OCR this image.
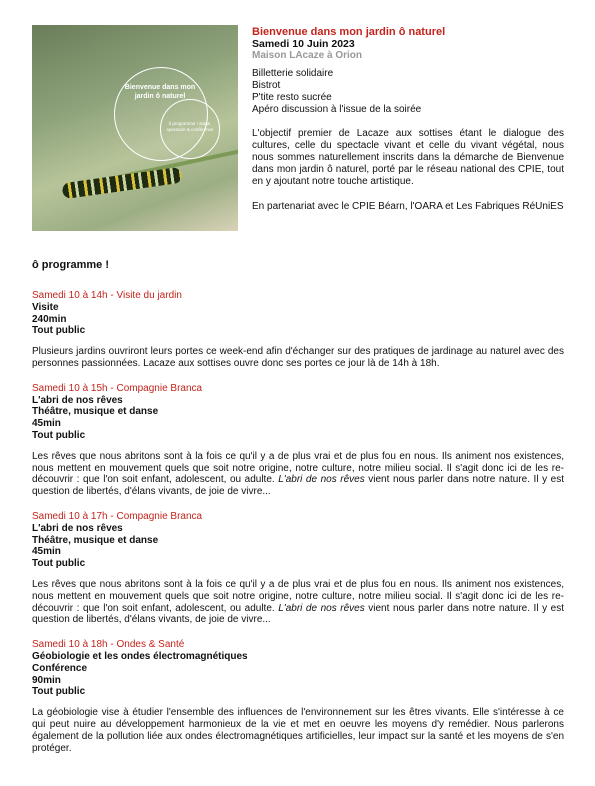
Bienvenue dans mon jardin ô naturel
ô programme ! stage, spectacle & conférence
Bienvenue dans mon jardin ô naturel
Samedi 10 Juin 2023
Maison LAcaze à Orion
Billetterie solidaire
Bistrot
P'tite resto sucrée
Apéro discussion à l'issue de la soirée
L'objectif premier de Lacaze aux sottises étant le dialogue des cultures, celle du spectacle vivant et celle du vivant végétal, nous nous sommes naturellement inscrits dans la démarche de Bienvenue dans mon jardin ô naturel, porté par le réseau national des CPIE, tout en y ajoutant notre touche artistique.
En partenariat avec le CPIE Béarn, l'OARA et Les Fabriques RéUniES
ô programme !
Samedi 10 à 14h - Visite du jardin
Visite
240min
Tout public
Plusieurs jardins ouvriront leurs portes ce week-end afin d'échanger sur des pratiques de jardinage au naturel avec des personnes passionnées. Lacaze aux sottises ouvre donc ses portes ce jour là de 14h à 18h.
Samedi 10 à 15h - Compagnie Branca
L'abri de nos rêves
Théâtre, musique et danse
45min
Tout public
Les rêves que nous abritons sont à la fois ce qu'il y a de plus vrai et de plus fou en nous. Ils animent nos existences, nous mettent en mouvement quels que soit notre origine, notre culture, notre milieu social. Il s'agit donc ici de les re-découvrir : que l'on soit enfant, adolescent, ou adulte. L'abri de nos rêves vient nous parler dans notre nature. Il y est question de libertés, d'élans vivants, de joie de vivre...
Samedi 10 à 17h - Compagnie Branca
L'abri de nos rêves
Théâtre, musique et danse
45min
Tout public
Les rêves que nous abritons sont à la fois ce qu'il y a de plus vrai et de plus fou en nous. Ils animent nos existences, nous mettent en mouvement quels que soit notre origine, notre culture, notre milieu social. Il s'agit donc ici de les re-découvrir : que l'on soit enfant, adolescent, ou adulte. L'abri de nos rêves vient nous parler dans notre nature. Il y est question de libertés, d'élans vivants, de joie de vivre...
Samedi 10 à 18h - Ondes & Santé
Géobiologie et les ondes électromagnétiques
Conférence
90min
Tout public
La géobiologie vise à étudier l'ensemble des influences de l'environnement sur les êtres vivants. Elle s'intéresse à ce qui peut nuire au développement harmonieux de la vie et met en oeuvre les moyens d'y remédier. Nous parlerons également de la pollution liée aux ondes électromagnétiques artificielles, leur impact sur la santé et les moyens de s'en protéger.
